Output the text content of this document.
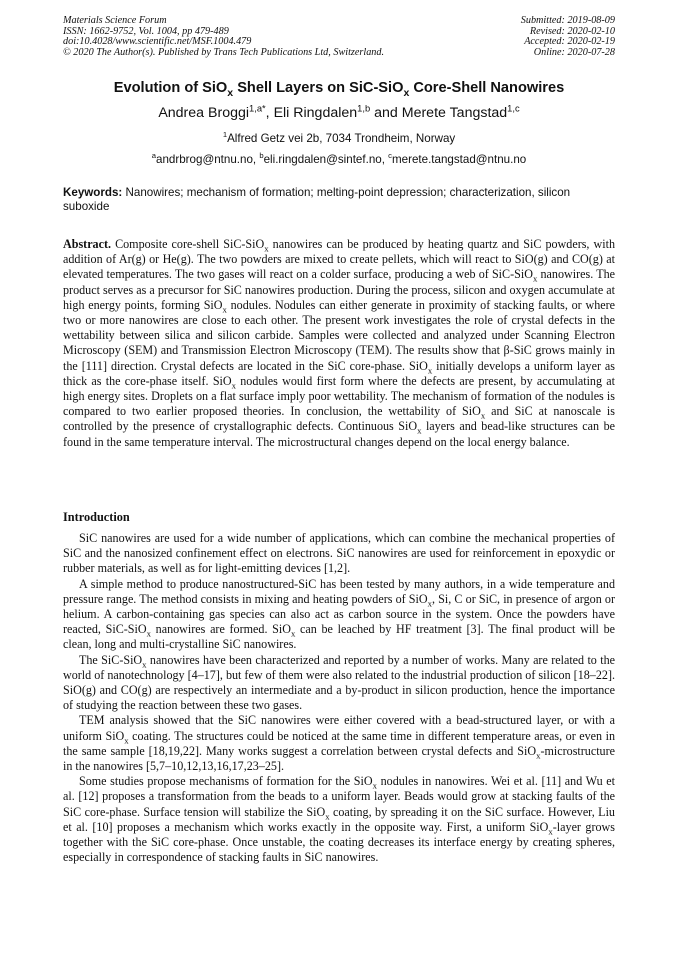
Materials Science Forum
ISSN: 1662-9752, Vol. 1004, pp 479-489
doi:10.4028/www.scientific.net/MSF.1004.479
© 2020 The Author(s). Published by Trans Tech Publications Ltd, Switzerland.
Submitted: 2019-08-09
Revised: 2020-02-10
Accepted: 2020-02-19
Online: 2020-07-28
Evolution of SiO$_x$ Shell Layers on SiC-SiO$_x$ Core-Shell Nanowires
Andrea Broggi$^{1,a*}$, Eli Ringdalen$^{1,b}$ and Merete Tangstad$^{1,c}$
$^1$Alfred Getz vei 2b, 7034 Trondheim, Norway
$^a$andrbrog@ntnu.no, $^b$eli.ringdalen@sintef.no, $^c$merete.tangstad@ntnu.no
Keywords: Nanowires; mechanism of formation; melting-point depression; characterization, silicon suboxide
Abstract. Composite core-shell SiC-SiO$_x$ nanowires can be produced by heating quartz and SiC powders, with addition of Ar(g) or He(g). The two powders are mixed to create pellets, which will react to SiO(g) and CO(g) at elevated temperatures. The two gases will react on a colder surface, producing a web of SiC-SiO$_x$ nanowires. The product serves as a precursor for SiC nanowires production. During the process, silicon and oxygen accumulate at high energy points, forming SiO$_x$ nodules. Nodules can either generate in proximity of stacking faults, or where two or more nanowires are close to each other. The present work investigates the role of crystal defects in the wettability between silica and silicon carbide. Samples were collected and analyzed under Scanning Electron Microscopy (SEM) and Transmission Electron Microscopy (TEM). The results show that β-SiC grows mainly in the [111] direction. Crystal defects are located in the SiC core-phase. SiO$_x$ initially develops a uniform layer as thick as the core-phase itself. SiO$_x$ nodules would first form where the defects are present, by accumulating at high energy sites. Droplets on a flat surface imply poor wettability. The mechanism of formation of the nodules is compared to two earlier proposed theories. In conclusion, the wettability of SiO$_x$ and SiC at nanoscale is controlled by the presence of crystallographic defects. Continuous SiO$_x$ layers and bead-like structures can be found in the same temperature interval. The microstructural changes depend on the local energy balance.
Introduction

SiC nanowires are used for a wide number of applications, which can combine the mechanical properties of SiC and the nanosized confinement effect on electrons. SiC nanowires are used for reinforcement in epoxydic or rubber materials, as well as for light-emitting devices [1,2].

A simple method to produce nanostructured-SiC has been tested by many authors, in a wide temperature and pressure range. The method consists in mixing and heating powders of SiO$_x$, Si, C or SiC, in presence of argon or helium. A carbon-containing gas species can also act as carbon source in the system. Once the powders have reacted, SiC-SiO$_x$ nanowires are formed. SiO$_x$ can be leached by HF treatment [3]. The final product will be clean, long and multi-crystalline SiC nanowires.

The SiC-SiO$_x$ nanowires have been characterized and reported by a number of works. Many are related to the world of nanotechnology [4–17], but few of them were also related to the industrial production of silicon [18–22]. SiO(g) and CO(g) are respectively an intermediate and a by-product in silicon production, hence the importance of studying the reaction between these two gases.

TEM analysis showed that the SiC nanowires were either covered with a bead-structured layer, or with a uniform SiO$_x$ coating. The structures could be noticed at the same time in different temperature areas, or even in the same sample [18,19,22]. Many works suggest a correlation between crystal defects and SiO$_x$-microstructure in the nanowires [5,7–10,12,13,16,17,23–25].

Some studies propose mechanisms of formation for the SiO$_x$ nodules in nanowires. Wei et al. [11] and Wu et al. [12] proposes a transformation from the beads to a uniform layer. Beads would grow at stacking faults of the SiC core-phase. Surface tension will stabilize the SiO$_x$ coating, by spreading it on the SiC surface. However, Liu et al. [10] proposes a mechanism which works exactly in the opposite way. First, a uniform SiO$_x$-layer grows together with the SiC core-phase. Once unstable, the coating decreases its interface energy by creating spheres, especially in correspondence of stacking faults in SiC nanowires.
